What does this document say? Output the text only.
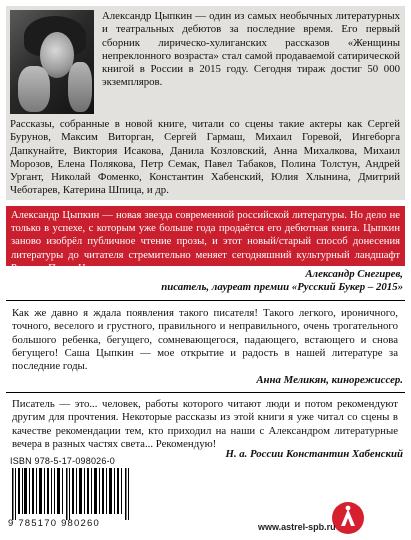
Александр Цыпкин — один из самых необычных литературных и театральных дебютов за последние время. Его первый сборник лирическо-хулиганских рассказов «Женщины непреклонного возраста» стал самой продаваемой сатирической книгой в России в 2015 году. Сегодня тираж достиг 50 000 экземпляров.

Рассказы, собранные в новой книге, читали со сцены такие актеры как Сергей Бурунов, Максим Виторган, Сергей Гармаш, Михаил Горевой, Ингеборга Дапкунайте, Виктория Исакова, Данила Козловский, Анна Михалкова, Михаил Морозов, Елена Полякова, Петр Семак, Павел Табаков, Полина Толстун, Андрей Ургант, Николай Фоменко, Константин Хабенский, Юлия Хлынина, Дмитрий Чеботарев, Катерина Шпица, и др.

Александр Цыпкин — новая звезда современной российской литературы. Но дело не только в успехе, с которым уже больше года продаётся его дебютная книга. Цыпкин заново изобрёл публичное чтение прозы, и этот новый/старый способ донесения литературы до читателя стремительно меняет сегодняшний культурный ландшафт России. Проза Цыпкина — это ярко, насыщенно, современно.	Александр Снегирев,
писатель, лауреат премии «Русский Букер – 2015»

Как же давно я ждала появления такого писателя! Такого легкого, ироничного, точного, веселого и грустного, правильного и неправильного, очень трогательного большого ребенка, бегущего, сомневающегося, падающего, встающего и снова бегущего! Саша Цыпкин — мое открытие и радость в нашей литературе за последние годы.

Анна Меликян, кинорежиссер.

Писатель — это... человек, работы которого читают люди и потом рекомендуют другим для прочтения. Некоторые рассказы из этой книги я уже читал со сцены в качестве рекомендации тем, кто приходил на наши с Александром литературные вечера в разных частях света... Рекомендую!

Н. а. России Константин Хабенский
ISBN 978-5-17-098026-0
9 785170 980260	www.astrel-spb.ru
